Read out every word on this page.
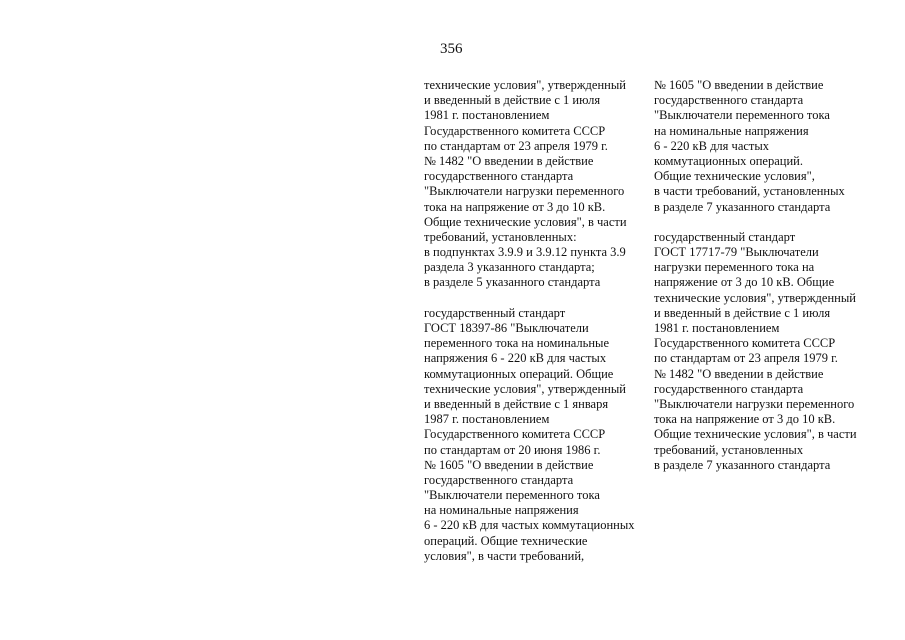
356
технические условия", утвержденный
и введенный в действие с 1 июля
1981 г. постановлением
Государственного комитета СССР
по стандартам от 23 апреля 1979 г.
№ 1482 "О введении в действие
государственного стандарта
"Выключатели нагрузки переменного
тока на напряжение от 3 до 10 кВ.
Общие технические условия", в части
требований, установленных:
в подпунктах 3.9.9 и 3.9.12 пункта 3.9
раздела 3 указанного стандарта;
в разделе 5 указанного стандарта
государственный стандарт
ГОСТ 18397-86 "Выключатели
переменного тока на номинальные
напряжения 6 - 220 кВ для частых
коммутационных операций. Общие
технические условия", утвержденный
и введенный в действие с 1 января
1987 г. постановлением
Государственного комитета СССР
по стандартам от 20 июня 1986 г.
№ 1605 "О введении в действие
государственного стандарта
"Выключатели переменного тока
на номинальные напряжения
6 - 220 кВ для частых коммутационных
операций. Общие технические
условия", в части требований,
№ 1605 "О введении в действие
государственного стандарта
"Выключатели переменного тока
на номинальные напряжения
6 - 220 кВ для частых
коммутационных операций.
Общие технические условия",
в части требований, установленных
в разделе 7 указанного стандарта
государственный стандарт
ГОСТ 17717-79 "Выключатели
нагрузки переменного тока на
напряжение от 3 до 10 кВ. Общие
технические условия", утвержденный
и введенный в действие с 1 июля
1981 г. постановлением
Государственного комитета СССР
по стандартам от 23 апреля 1979 г.
№ 1482 "О введении в действие
государственного стандарта
"Выключатели нагрузки переменного
тока на напряжение от 3 до 10 кВ.
Общие технические условия", в части
требований, установленных
в разделе 7 указанного стандарта
